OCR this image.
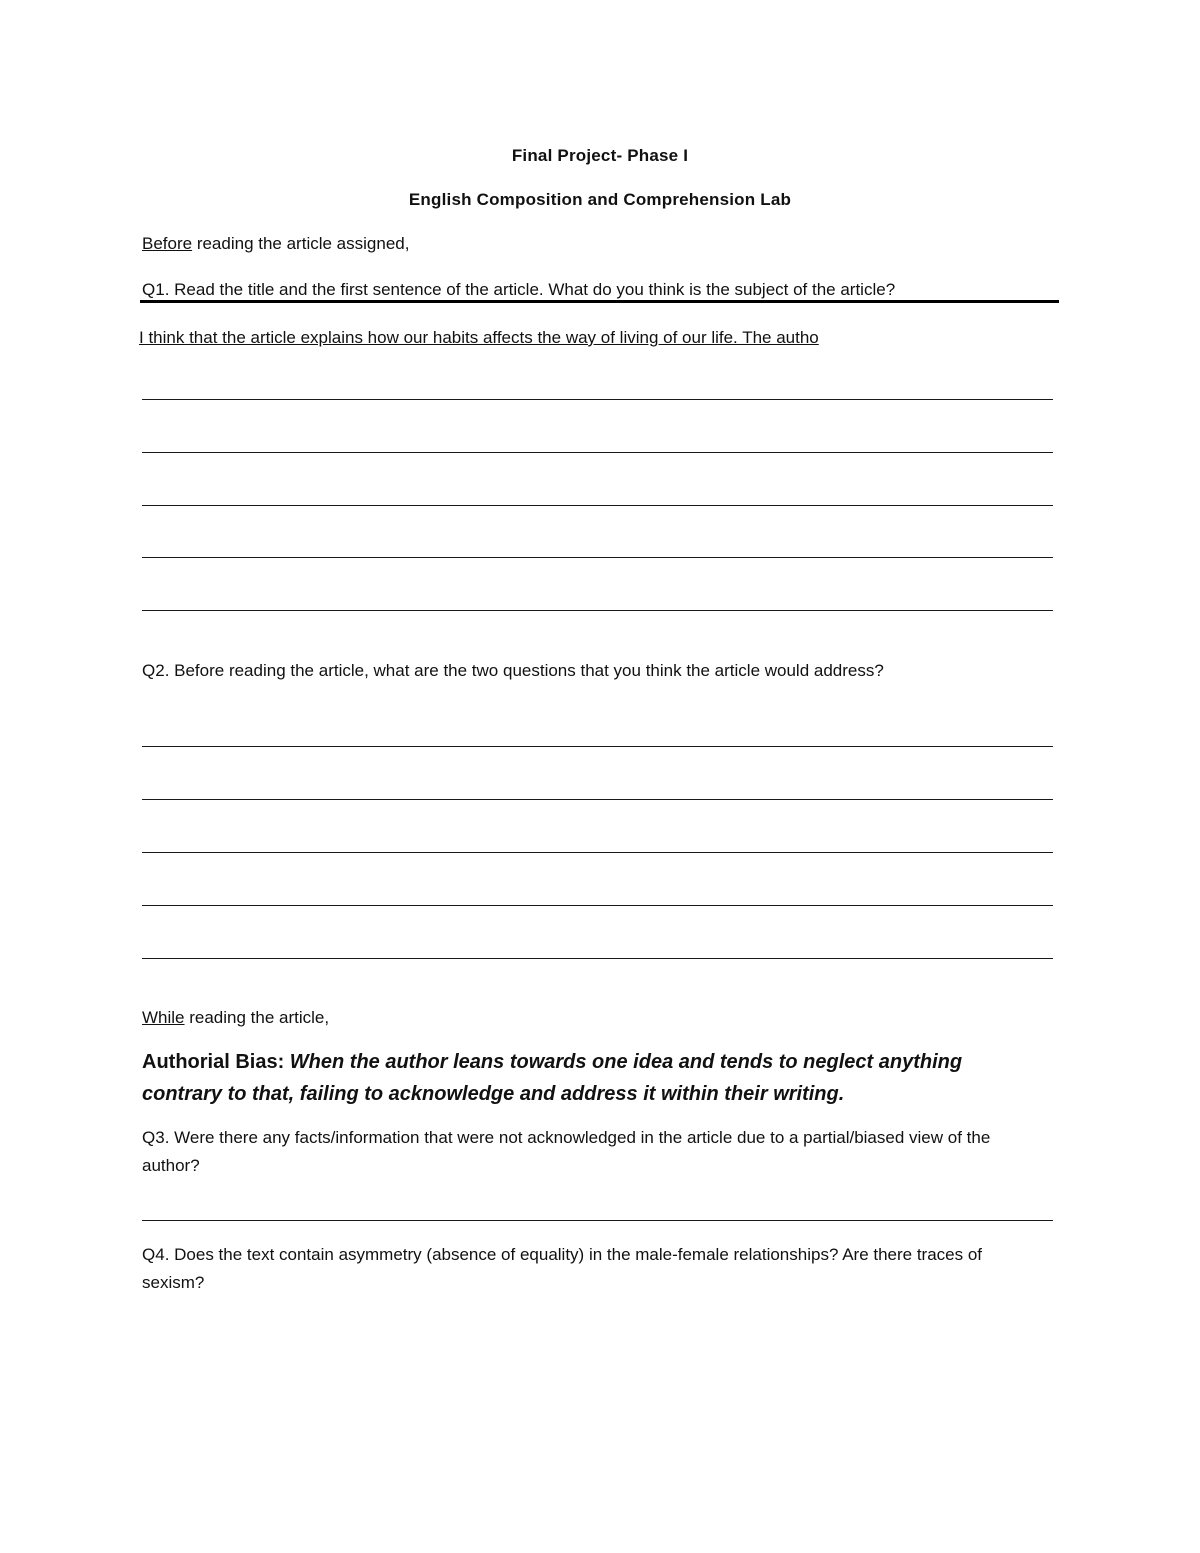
Final Project- Phase I
English Composition and Comprehension Lab
Before reading the article assigned,
Q1. Read the title and the first sentence of the article. What do you think is the subject of the article?
I think that the article explains how our habits affects the way of living of our life. The autho
Q2. Before reading the article, what are the two questions that you think the article would address?
While reading the article,
Authorial Bias: When the author leans towards one idea and tends to neglect anything contrary to that, failing to acknowledge and address it within their writing.
Q3. Were there any facts/information that were not acknowledged in the article due to a partial/biased view of the author?
Q4. Does the text contain asymmetry (absence of equality) in the male-female relationships? Are there traces of sexism?
